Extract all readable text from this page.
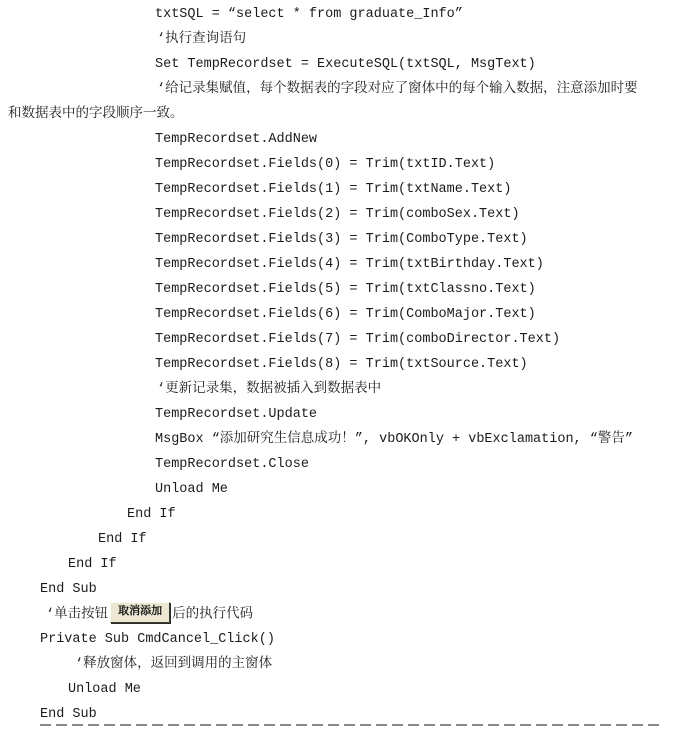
txtSQL = “select * from graduate_Info”
‘执行查询语句
Set TempRecordset = ExecuteSQL(txtSQL, MsgText)
‘给记录集赋值，每个数据表的字段对应了窗体中的每个输入数据，注意添加时要
和数据表中的字段顺序一致。
TempRecordset.AddNew
TempRecordset.Fields(0) = Trim(txtID.Text)
TempRecordset.Fields(1) = Trim(txtName.Text)
TempRecordset.Fields(2) = Trim(comboSex.Text)
TempRecordset.Fields(3) = Trim(ComboType.Text)
TempRecordset.Fields(4) = Trim(txtBirthday.Text)
TempRecordset.Fields(5) = Trim(txtClassno.Text)
TempRecordset.Fields(6) = Trim(ComboMajor.Text)
TempRecordset.Fields(7) = Trim(comboDirector.Text)
TempRecordset.Fields(8) = Trim(txtSource.Text)
‘更新记录集，数据被插入到数据表中
TempRecordset.Update
MsgBox “添加研究生信息成功！”, vbOKOnly + vbExclamation, “警告”
TempRecordset.Close
Unload Me
End If
End If
End If
End Sub
‘单击按钮 取消添加 后的执行代码
Private Sub CmdCancel_Click()
‘释放窗体，返回到调用的主窗体
Unload Me
End Sub
